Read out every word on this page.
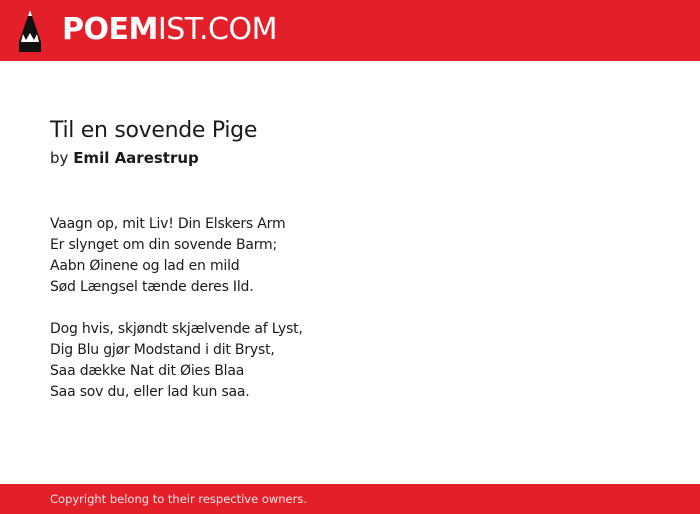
POEMIST.COM
Til en sovende Pige
by Emil Aarestrup

Vaagn op, mit Liv! Din Elskers Arm
Er slynget om din sovende Barm;
Aabn Øinene og lad en mild
Sød Længsel tænde deres Ild.

Dog hvis, skjøndt skjælvende af Lyst,
Dig Blu gjør Modstand i dit Bryst,
Saa dække Nat dit Øies Blaa
Saa sov du, eller lad kun saa.

Copyright belong to their respective owners.
